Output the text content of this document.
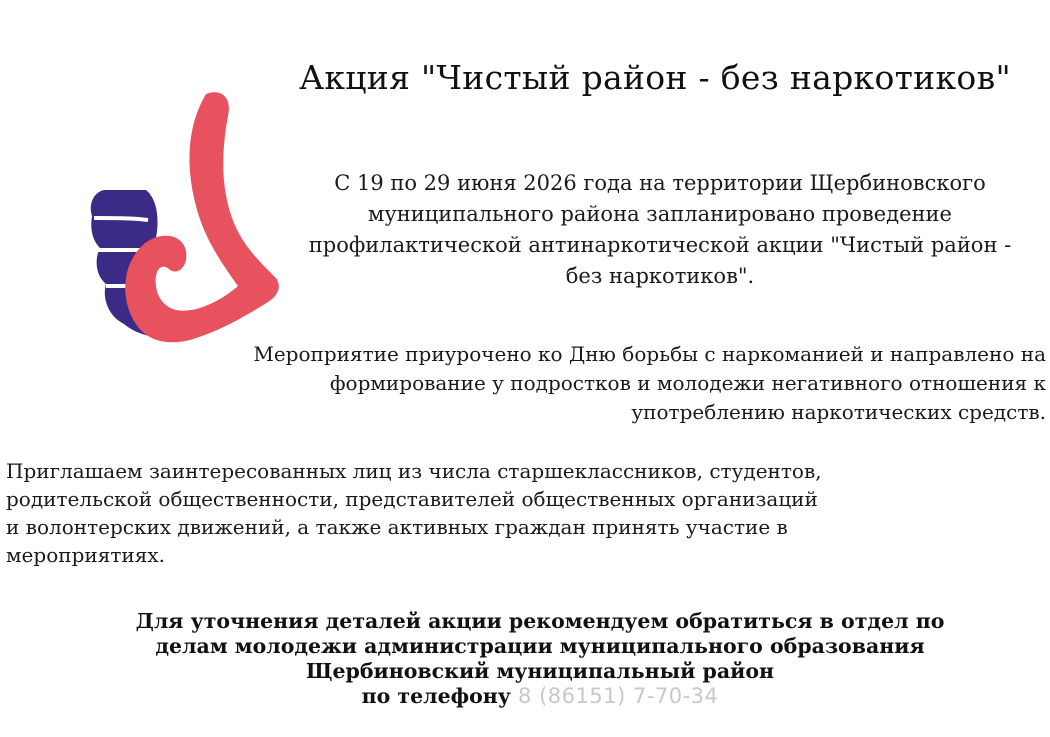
Акция "Чистый район - без наркотиков"

С 19 по 29 июня 2026 года на территории Щербиновского муниципального района запланировано проведение профилактической антинаркотической акции "Чистый район - без наркотиков".

Мероприятие приурочено ко Дню борьбы с наркоманией и направлено на формирование у подростков и молодежи негативного отношения к употреблению наркотических средств.

Приглашаем заинтересованных лиц из числа старшеклассников, студентов, родительской общественности, представителей общественных организаций и волонтерских движений, а также активных граждан принять участие в мероприятиях.

Для уточнения деталей акции рекомендуем обратиться в отдел по
делам молодежи администрации муниципального образования
Щербиновский муниципальный район
по телефону 8 (86151) 7-70-34
